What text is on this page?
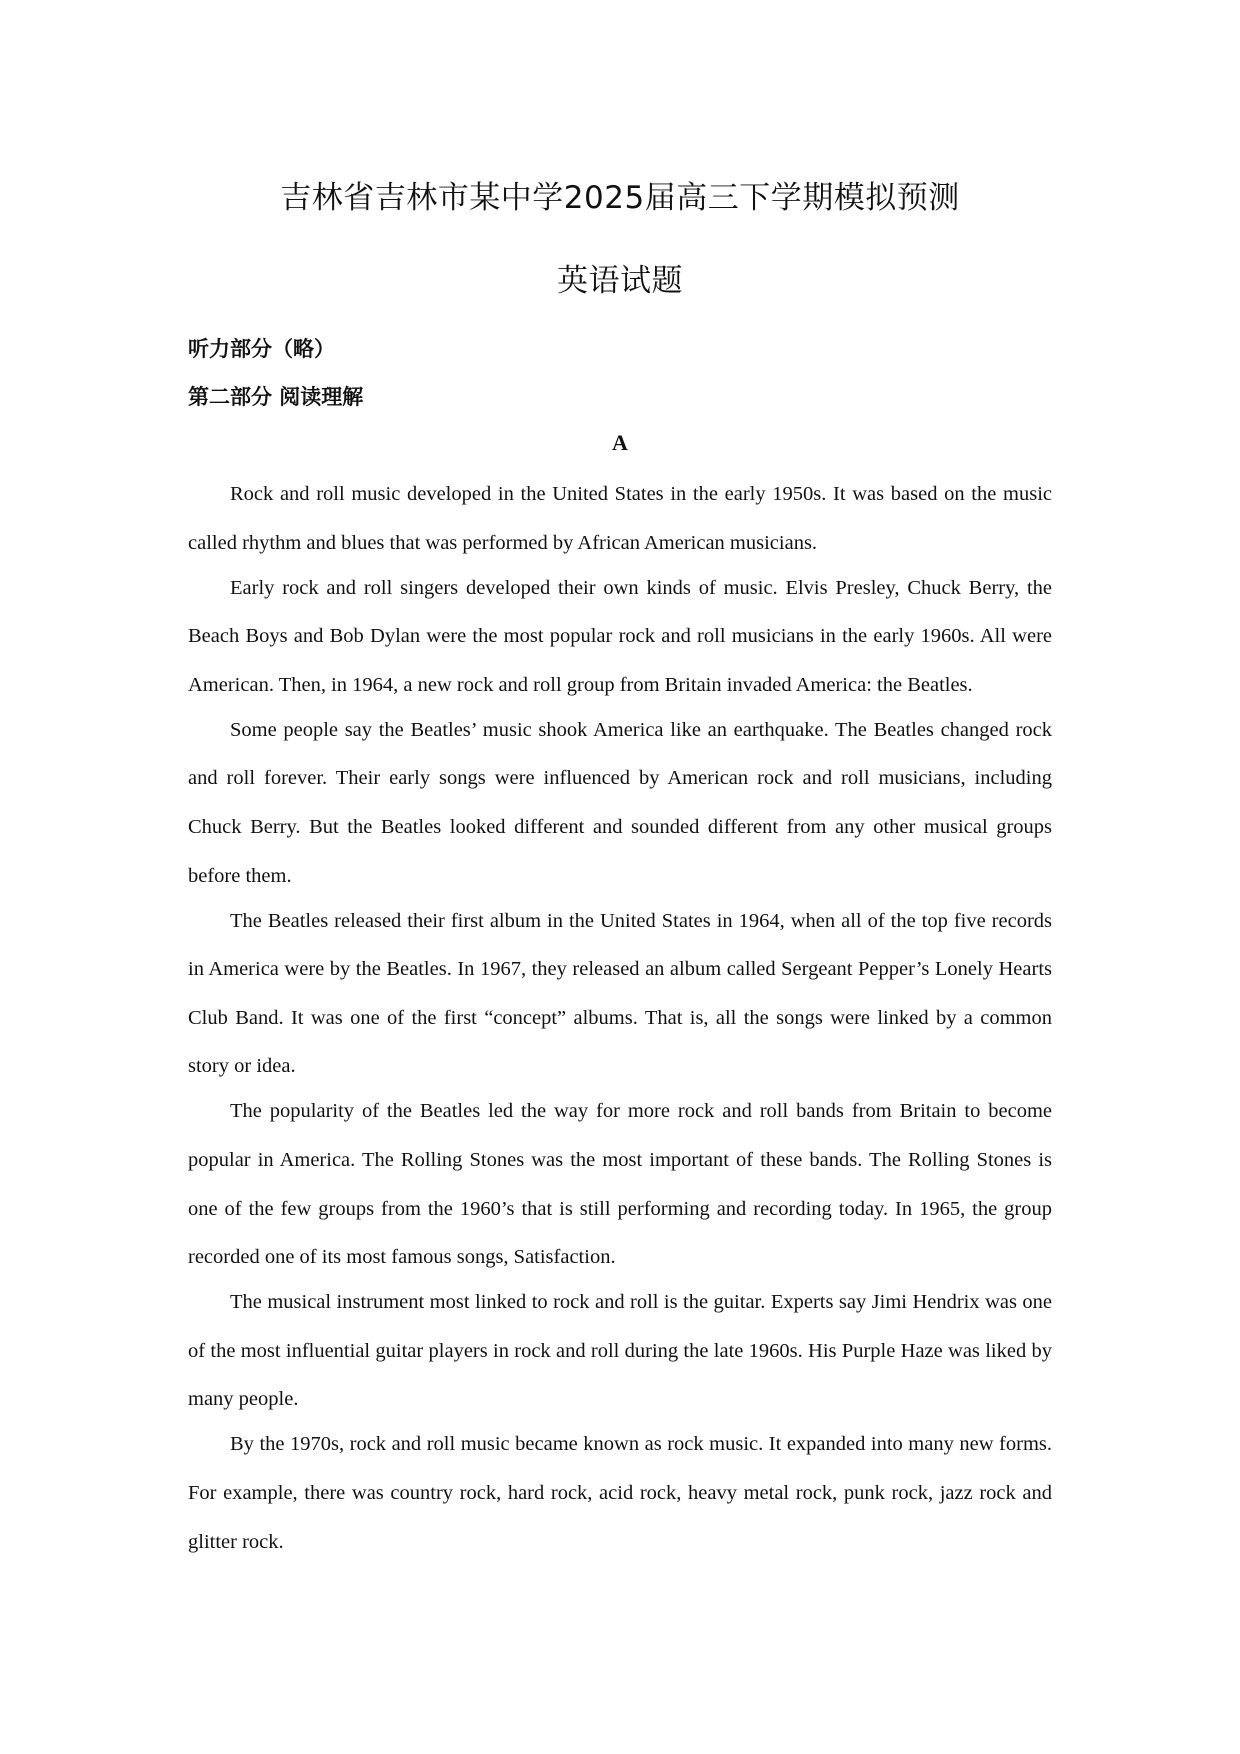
吉林省吉林市某中学2025届高三下学期模拟预测
英语试题
听力部分（略）
第二部分 阅读理解
A

Rock and roll music developed in the United States in the early 1950s. It was based on the music called rhythm and blues that was performed by African American musicians.

Early rock and roll singers developed their own kinds of music. Elvis Presley, Chuck Berry, the Beach Boys and Bob Dylan were the most popular rock and roll musicians in the early 1960s. All were American. Then, in 1964, a new rock and roll group from Britain invaded America: the Beatles.

Some people say the Beatles’ music shook America like an earthquake. The Beatles changed rock and roll forever. Their early songs were influenced by American rock and roll musicians, including Chuck Berry. But the Beatles looked different and sounded different from any other musical groups before them.

The Beatles released their first album in the United States in 1964, when all of the top five records in America were by the Beatles. In 1967, they released an album called Sergeant Pepper’s Lonely Hearts Club Band. It was one of the first “concept” albums. That is, all the songs were linked by a common story or idea.

The popularity of the Beatles led the way for more rock and roll bands from Britain to become popular in America. The Rolling Stones was the most important of these bands. The Rolling Stones is one of the few groups from the 1960’s that is still performing and recording today. In 1965, the group recorded one of its most famous songs, Satisfaction.

The musical instrument most linked to rock and roll is the guitar. Experts say Jimi Hendrix was one of the most influential guitar players in rock and roll during the late 1960s. His Purple Haze was liked by many people.

By the 1970s, rock and roll music became known as rock music. It expanded into many new forms. For example, there was country rock, hard rock, acid rock, heavy metal rock, punk rock, jazz rock and glitter rock.
